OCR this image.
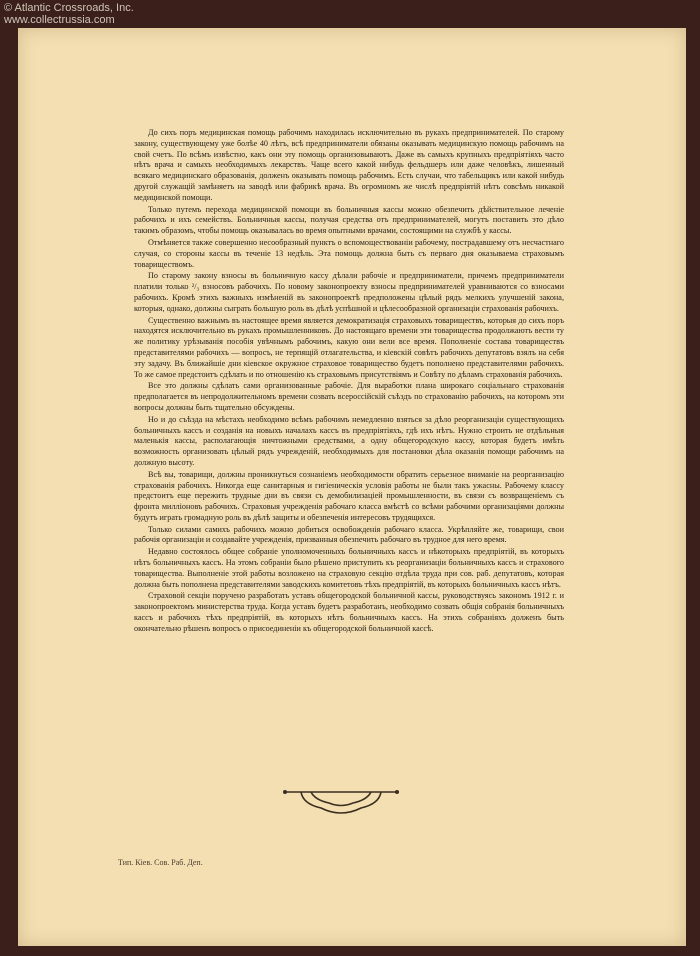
© Atlantic Crossroads, Inc.
www.collectrussia.com

До сихъ поръ медицинская помощь рабочимъ находилась исключительно въ рукахъ предпринимателей. По старому закону, существующему уже болѣе 40 лѣтъ, всѣ предприниматели обязаны оказывать медицинскую помощь рабочимъ на свой счетъ. По всѣмъ извѣстно, какъ они эту помощь организовываютъ. Даже въ самыхъ крупныхъ предпріятіяхъ часто нѣтъ врача и самыхъ необходимыхъ лекарствъ. Чаще всего какой нибудь фельдшеръ или даже человѣкъ, лишенный всякаго медицинскаго образованія, долженъ оказывать помощь рабочимъ. Есть случаи, что табельщикъ или какой нибудь другой служащій замѣняетъ на заводѣ или фабрикѣ врача. Въ огромномъ же числѣ предпріятій нѣтъ совсѣмъ никакой медицинской помощи.

Только путемъ перехода медицинской помощи въ больничныя кассы можно обезпечить дѣйствительное леченіе рабочихъ и ихъ семействъ. Больничныя кассы, получая средства отъ предпринимателей, могутъ поставить это дѣло такимъ образомъ, чтобы помощь оказывалась во время опытными врачами, состоящими на службѣ у кассы.

Отмѣняется также совершенно несообразный пунктъ о вспомоществованіи рабочему, пострадавшему отъ несчастнаго случая, со стороны кассы въ теченіе 13 недѣль. Эта помощь должна быть съ перваго дня оказываема страховымъ товариществомъ.

По старому закону взносы въ больничную кассу дѣлали рабочіе и предприниматели, причемъ предприниматели платили только ²/₃ взносовъ рабочихъ. По новому законопроекту взносы предпринимателей уравниваются со взносами рабочихъ. Кромѣ этихъ важныхъ измѣненій въ законопроектѣ предположены цѣлый рядъ мелкихъ улучшеній закона, которыя, однако, должны сыграть большую роль въ дѣлѣ успѣшной и цѣлесообразной организаціи страхованія рабочихъ.

Существенно важнымъ въ настоящее время является демократизація страховыхъ товариществъ, которыя до сихъ поръ находятся исключительно въ рукахъ промышленниковъ. До настоящаго времени эти товарищества продолжаютъ вести ту же политику урѣзыванія пособія увѣчнымъ рабочимъ, какую они вели все время. Пополненіе состава товариществъ представителями рабочихъ — вопросъ, не терпящій отлагательства, и кіевскій совѣтъ рабочихъ депутатовъ взялъ на себя эту задачу. Въ ближайшіе дни кіевское окружное страховое товарищество будетъ пополнено представителями рабочихъ. То же самое предстоитъ сдѣлать и по отношенію къ страховымъ присутствіямъ и Совѣту по дѣламъ страхованія рабочихъ.

Все это должны сдѣлать сами организованные рабочіе. Для выработки плана широкаго соціальнаго страхованія предполагается въ непродолжительномъ времени созвать всероссійскій съѣздъ по страхованію рабочихъ, на которомъ эти вопросы должны быть тщательно обсуждены.

Но и до съѣзда на мѣстахъ необходимо всѣмъ рабочимъ немедленно взяться за дѣло реорганизаціи существующихъ больничныхъ кассъ и созданія на новыхъ началахъ кассъ въ предпріятіяхъ, гдѣ ихъ нѣтъ. Нужно строить не отдѣльныя маленькія кассы, располагающія ничтожными средствами, а одну общегородскую кассу, которая будетъ имѣть возможность организовать цѣлый рядъ учрежденій, необходимыхъ для постановки дѣла оказанія помощи рабочимъ на должную высоту.

Всѣ вы, товарищи, должны проникнуться сознаніемъ необходимости обратить серьезное вниманіе на реорганизацію страхованія рабочихъ. Никогда еще санитарныя и гигіеническія условія работы не были такъ ужасны. Рабочему классу предстоитъ еще пережить трудные дни въ связи съ демобилизаціей промышленности, въ связи съ возвращеніемъ съ фронта милліоновъ рабочихъ. Страховыя учрежденія рабочаго класса вмѣстѣ со всѣми рабочими организаціями должны будутъ играть громадную роль въ дѣлѣ защиты и обезпеченія интересовъ трудящихся.

Только силами самихъ рабочихъ можно добиться освобожденія рабочаго класса. Укрѣпляйте же, товарищи, свои рабочія организаціи и создавайте учрежденія, призванныя обезпечить рабочаго въ трудное для него время.

Недавно состоялось общее собраніе уполномоченныхъ больничныхъ кассъ и нѣкоторыхъ предпріятій, въ которыхъ нѣтъ больничныхъ кассъ. На этомъ собраніи было рѣшено приступить къ реорганизаціи больничныхъ кассъ и страхового товарищества. Выполненіе этой работы возложено на страховую секцію отдѣла труда при сов. раб. депутатовъ, которая должна быть пополнена представителями заводскихъ комитетовъ тѣхъ предпріятій, въ которыхъ больничныхъ кассъ нѣтъ.

Страховой секціи поручено разработать уставъ общегородской больничной кассы, руководствуясь закономъ 1912 г. и законопроектомъ министерства труда. Когда уставъ будетъ разработанъ, необходимо созвать общія собранія больничныхъ кассъ и рабочихъ тѣхъ предпріятій, въ которыхъ нѣтъ больничныхъ кассъ. На этихъ собраніяхъ долженъ быть окончательно рѣшенъ вопросъ о присоединеніи къ общегородской больничной кассѣ.

Тип. Кiев. Сов. Раб. Деп.
